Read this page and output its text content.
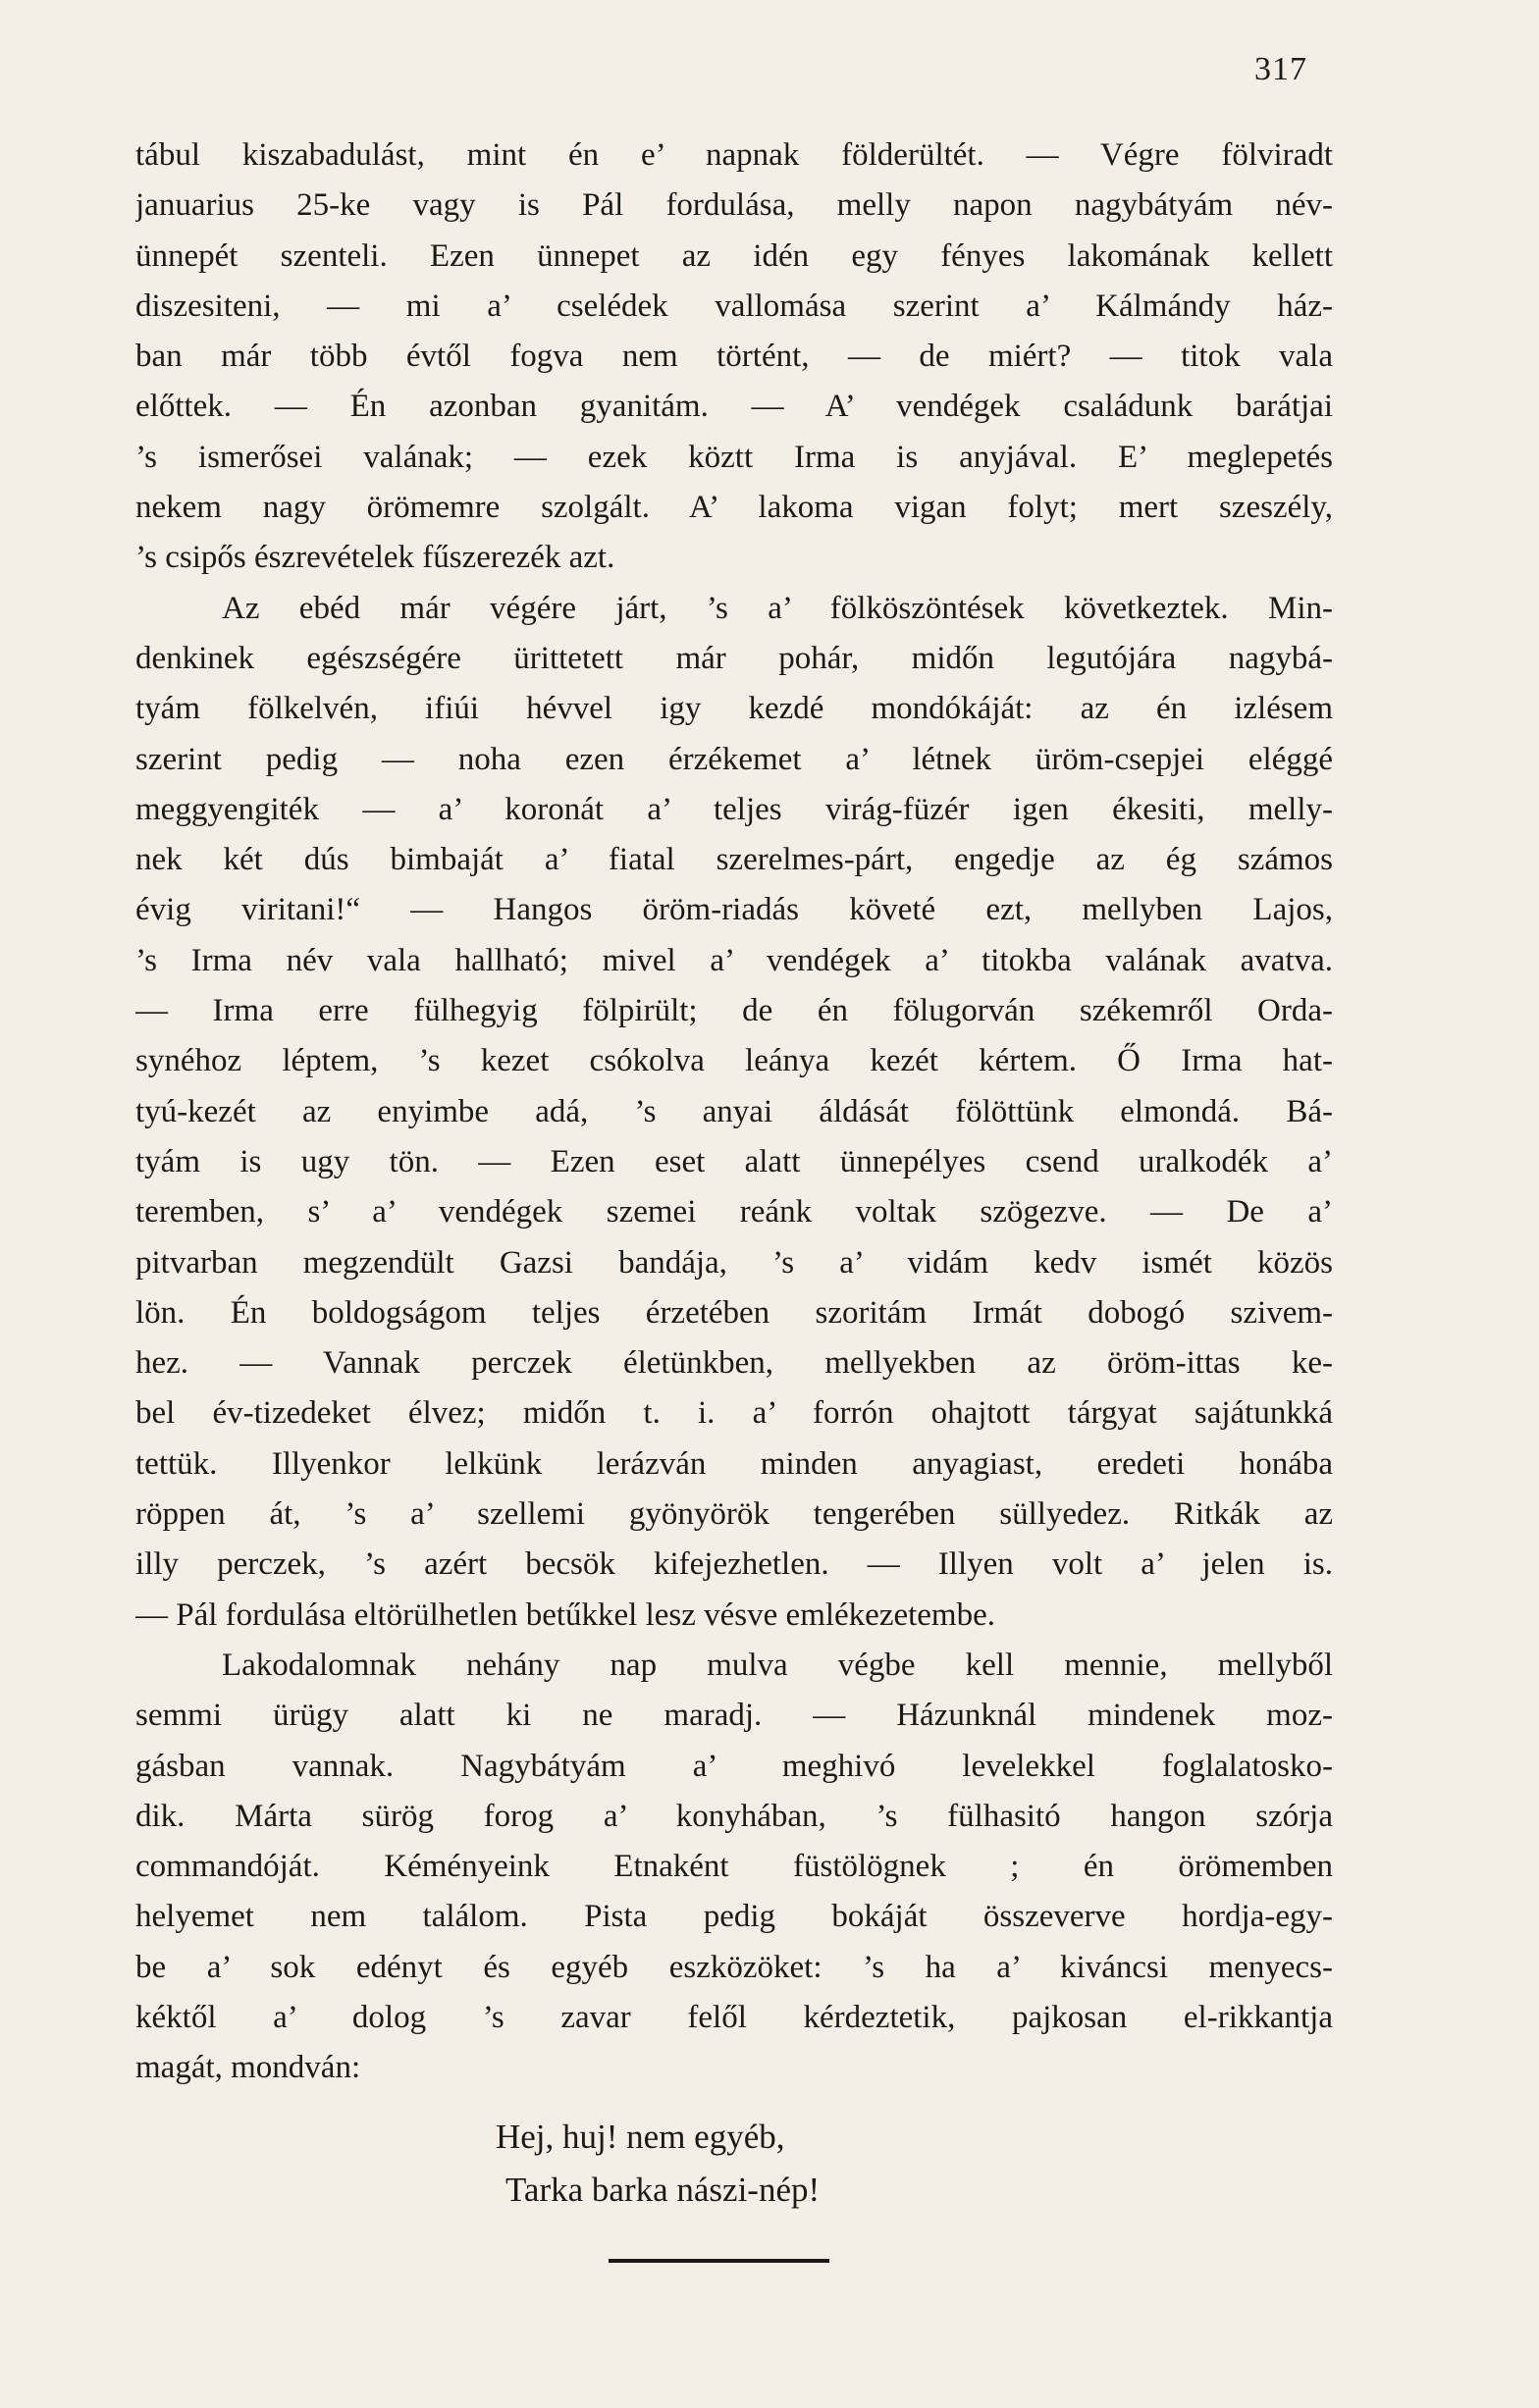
317
tábul kiszabadulást, mint én e’ napnak földerültét. — Végre fölviradt
januarius 25-ke vagy is Pál fordulása, melly napon nagybátyám név-
ünnepét szenteli. Ezen ünnepet az idén egy fényes lakomának kellett
diszesiteni, — mi a’ cselédek vallomása szerint a’ Kálmándy ház-
ban már több évtől fogva nem történt, — de miért? — titok vala
előttek. — Én azonban gyanitám. — A’ vendégek családunk barátjai
’s ismerősei valának; — ezek köztt Irma is anyjával. E’ meglepetés
nekem nagy örömemre szolgált. A’ lakoma vigan folyt; mert szeszély,
’s csipős észrevételek fűszerezék azt.
Az ebéd már végére járt, ’s a’ fölköszöntések következtek. Min-
denkinek egészségére ürittetett már pohár, midőn legutójára nagybá-
tyám fölkelvén, ifiúi hévvel igy kezdé mondókáját: az én izlésem
szerint pedig — noha ezen érzékemet a’ létnek üröm-csepjei eléggé
meggyengiték — a’ koronát a’ teljes virág-füzér igen ékesiti, melly-
nek két dús bimbaját a’ fiatal szerelmes-párt, engedje az ég számos
évig viritani!“ — Hangos öröm-riadás követé ezt, mellyben Lajos,
’s Irma név vala hallható; mivel a’ vendégek a’ titokba valának avatva.
— Irma erre fülhegyig fölpirült; de én fölugorván székemről Orda-
synéhoz léptem, ’s kezet csókolva leánya kezét kértem. Ő Irma hat-
tyú-kezét az enyimbe adá, ’s anyai áldását fölöttünk elmondá. Bá-
tyám is ugy tön. — Ezen eset alatt ünnepélyes csend uralkodék a’
teremben, s’ a’ vendégek szemei reánk voltak szögezve. — De a’
pitvarban megzendült Gazsi bandája, ’s a’ vidám kedv ismét közös
lön. Én boldogságom teljes érzetében szoritám Irmát dobogó szivem-
hez. — Vannak perczek életünkben, mellyekben az öröm-ittas ke-
bel év-tizedeket élvez; midőn t. i. a’ forrón ohajtott tárgyat sajátunkká
tettük. Illyenkor lelkünk lerázván minden anyagiast, eredeti honába
röppen át, ’s a’ szellemi gyönyörök tengerében süllyedez. Ritkák az
illy perczek, ’s azért becsök kifejezhetlen. — Illyen volt a’ jelen is.
— Pál fordulása eltörülhetlen betűkkel lesz vésve emlékezetembe.
Lakodalomnak nehány nap mulva végbe kell mennie, mellyből
semmi ürügy alatt ki ne maradj. — Házunknál mindenek moz-
gásban vannak. Nagybátyám a’ meghivó levelekkel foglalatosko-
dik. Márta sürög forog a’ konyhában, ’s fülhasitó hangon szórja
commandóját. Kéményeink Etnaként füstölögnek ; én örömemben
helyemet nem találom. Pista pedig bokáját összeverve hordja-egy-
be a’ sok edényt és egyéb eszközöket: ’s ha a’ kiváncsi menyecs-
kéktől a’ dolog ’s zavar felől kérdeztetik, pajkosan el-rikkantja
magát, mondván:
Hej, huj! nem egyéb,
Tarka barka nászi-nép!
